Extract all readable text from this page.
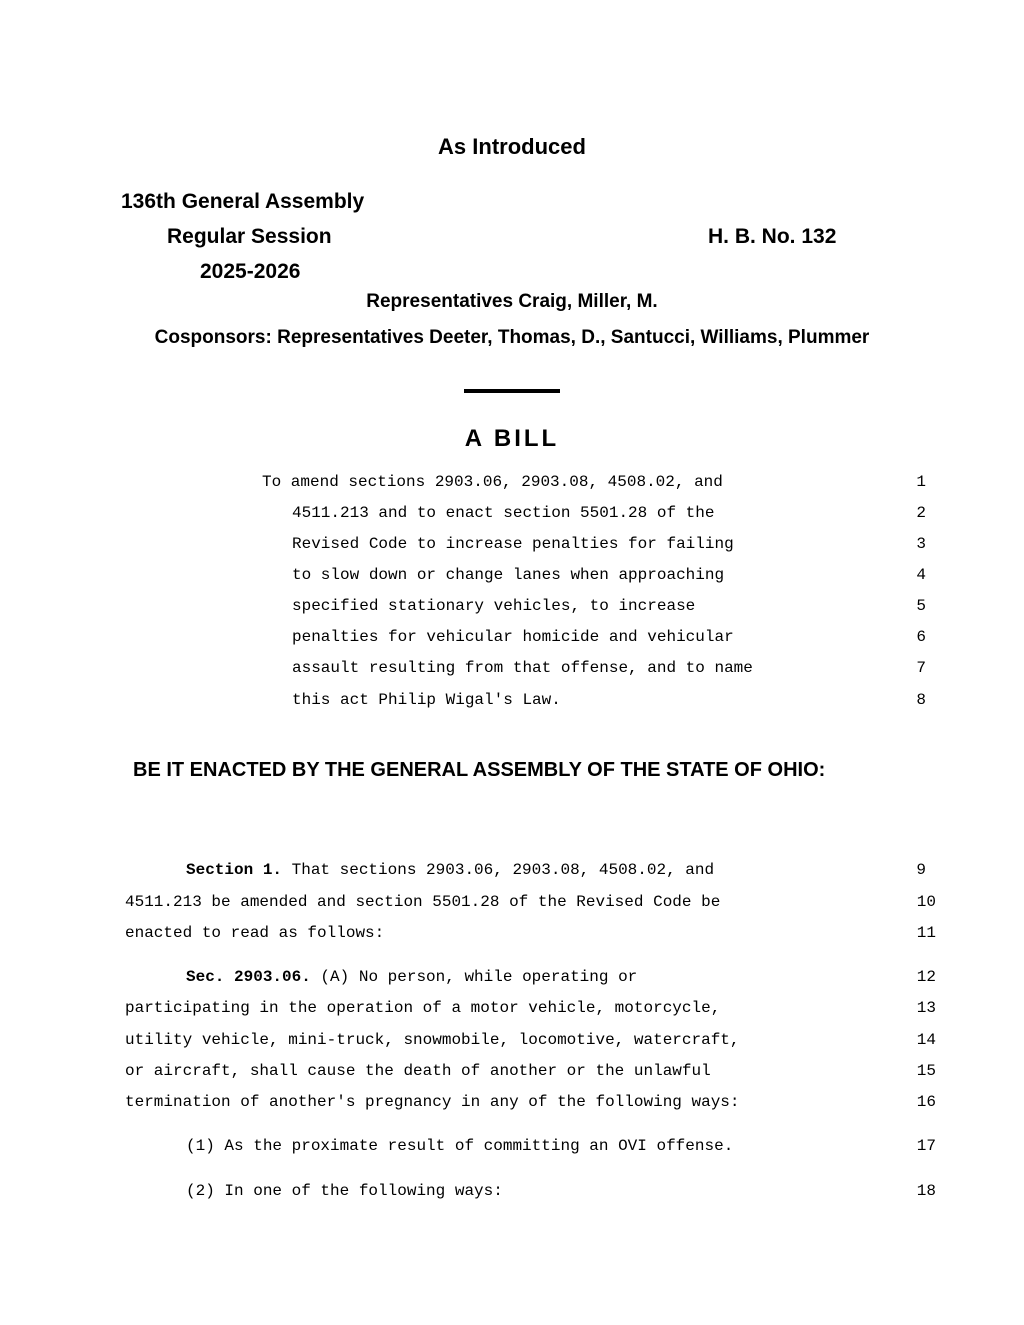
As Introduced
136th General Assembly
Regular Session
2025-2026
H. B. No. 132
Representatives Craig, Miller, M.
Cosponsors: Representatives Deeter, Thomas, D., Santucci, Williams, Plummer
A BILL
To amend sections 2903.06, 2903.08, 4508.02, and	1
4511.213 and to enact section 5501.28 of the	2
Revised Code to increase penalties for failing	3
to slow down or change lanes when approaching	4
specified stationary vehicles, to increase	5
penalties for vehicular homicide and vehicular	6
assault resulting from that offense, and to name	7
this act Philip Wigal's Law.	8
BE IT ENACTED BY THE GENERAL ASSEMBLY OF THE STATE OF OHIO:
Section 1. That sections 2903.06, 2903.08, 4508.02, and	9
4511.213 be amended and section 5501.28 of the Revised Code be	10
enacted to read as follows:	11
Sec. 2903.06. (A) No person, while operating or	12
participating in the operation of a motor vehicle, motorcycle,	13
utility vehicle, mini-truck, snowmobile, locomotive, watercraft,	14
or aircraft, shall cause the death of another or the unlawful	15
termination of another's pregnancy in any of the following ways:	16
(1) As the proximate result of committing an OVI offense.	17
(2) In one of the following ways:	18
